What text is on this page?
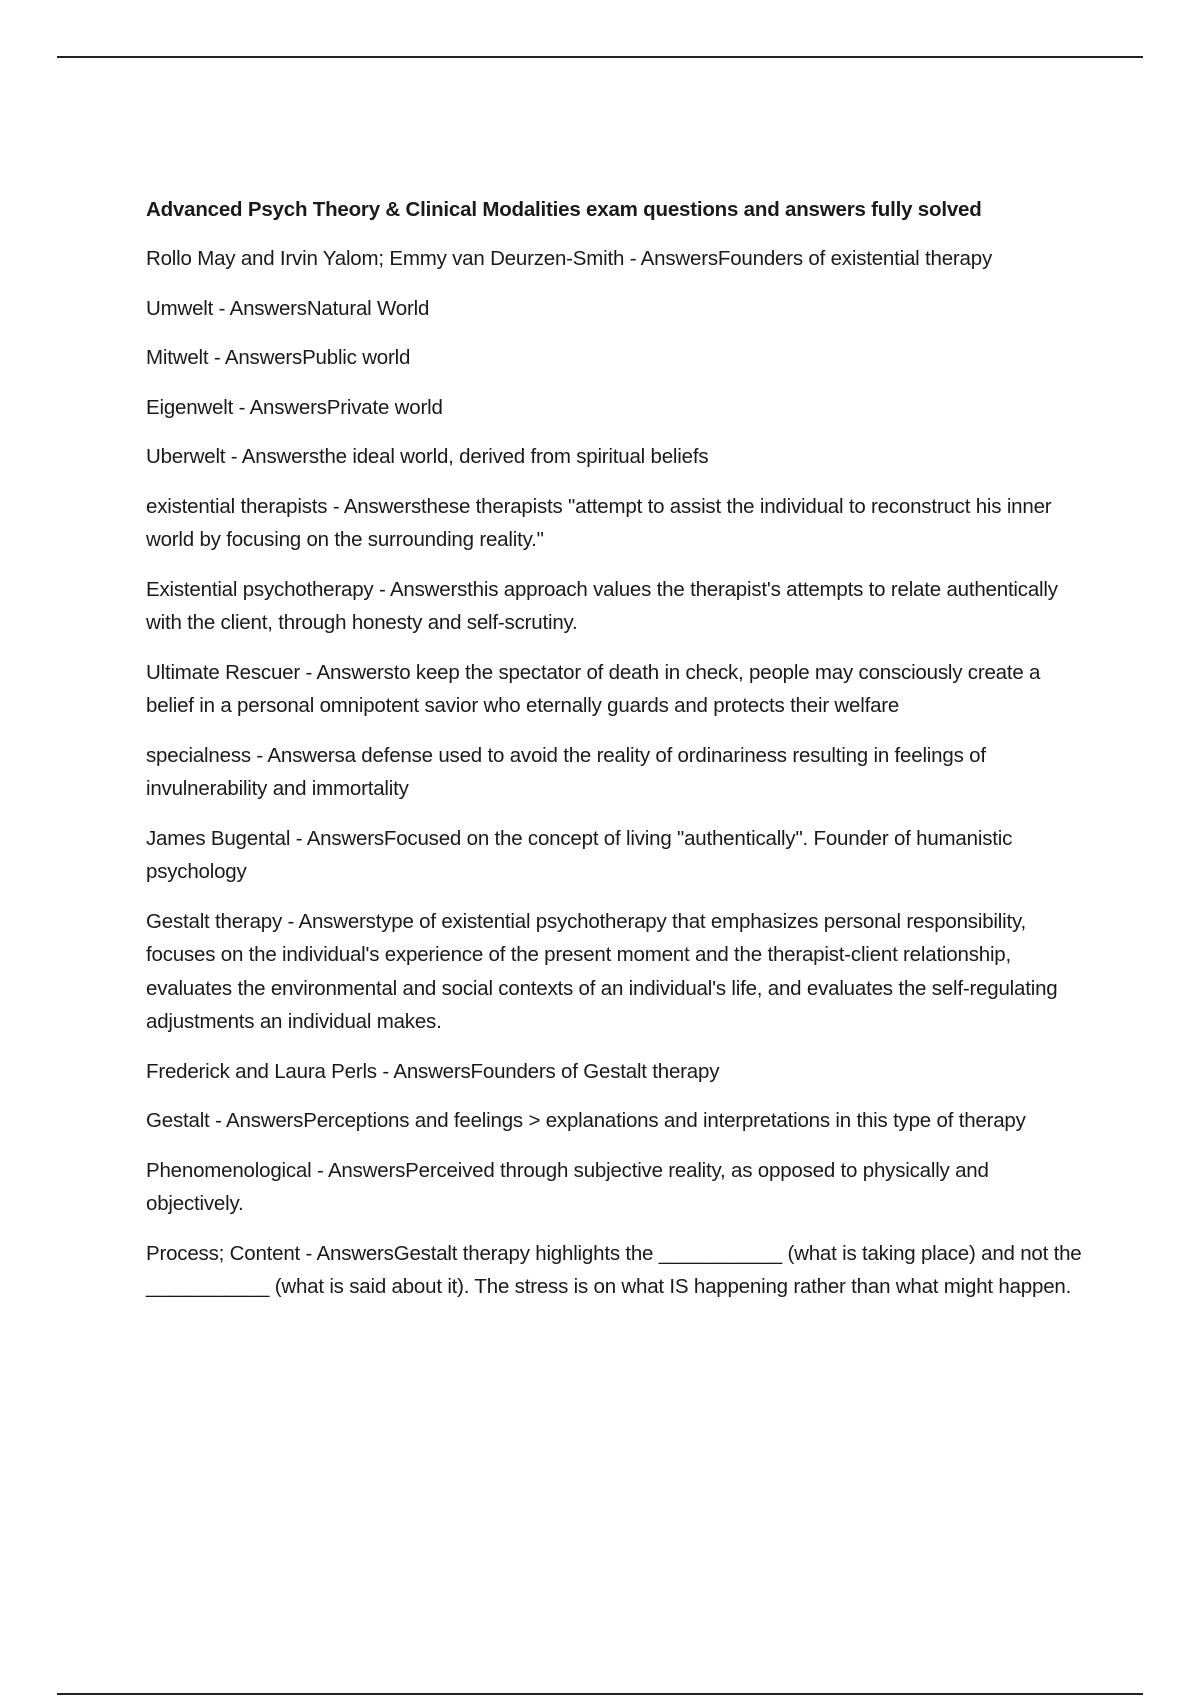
Advanced Psych Theory & Clinical Modalities exam questions and answers fully solved

Rollo May and Irvin Yalom; Emmy van Deurzen-Smith - AnswersFounders of existential therapy

Umwelt - AnswersNatural World

Mitwelt - AnswersPublic world

Eigenwelt - AnswersPrivate world

Uberwelt - Answersthe ideal world, derived from spiritual beliefs

existential therapists - Answersthese therapists "attempt to assist the individual to reconstruct his inner world by focusing on the surrounding reality."

Existential psychotherapy - Answersthis approach values the therapist's attempts to relate authentically with the client, through honesty and self-scrutiny.

Ultimate Rescuer - Answersto keep the spectator of death in check, people may consciously create a belief in a personal omnipotent savior who eternally guards and protects their welfare

specialness - Answersa defense used to avoid the reality of ordinariness resulting in feelings of invulnerability and immortality

James Bugental - AnswersFocused on the concept of living "authentically". Founder of humanistic psychology

Gestalt therapy - Answerstype of existential psychotherapy that emphasizes personal responsibility, focuses on the individual's experience of the present moment and the therapist-client relationship, evaluates the environmental and social contexts of an individual's life, and evaluates the self-regulating adjustments an individual makes.

Frederick and Laura Perls - AnswersFounders of Gestalt therapy

Gestalt - AnswersPerceptions and feelings > explanations and interpretations in this type of therapy

Phenomenological - AnswersPerceived through subjective reality, as opposed to physically and objectively.

Process; Content - AnswersGestalt therapy highlights the ___________ (what is taking place) and not the ___________ (what is said about it). The stress is on what IS happening rather than what might happen.
